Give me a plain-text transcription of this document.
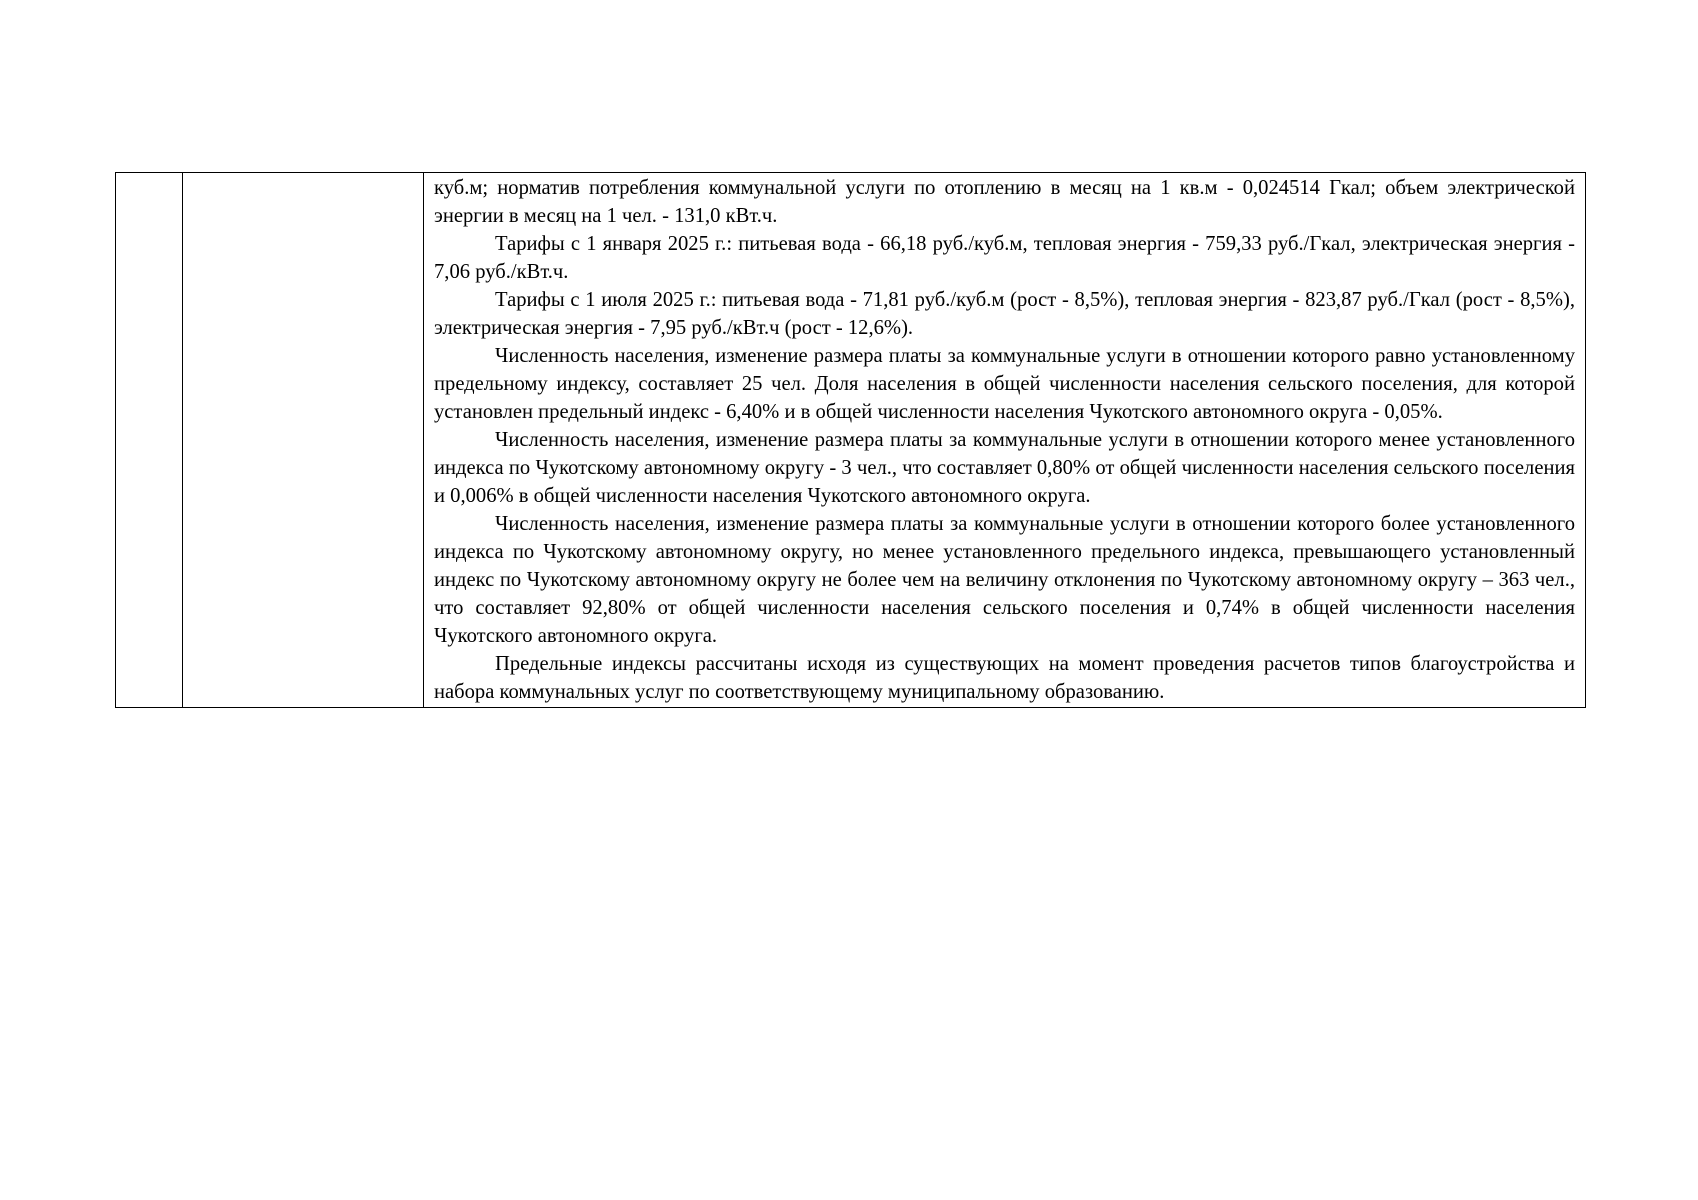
куб.м; норматив потребления коммунальной услуги по отоплению в месяц на 1 кв.м - 0,024514 Гкал; объем электрической энергии в месяц на 1 чел. - 131,0 кВт.ч.

Тарифы с 1 января 2025 г.: питьевая вода - 66,18 руб./куб.м, тепловая энергия - 759,33 руб./Гкал, электрическая энергия - 7,06 руб./кВт.ч.

Тарифы с 1 июля 2025 г.: питьевая вода - 71,81 руб./куб.м (рост - 8,5%), тепловая энергия - 823,87 руб./Гкал (рост - 8,5%), электрическая энергия - 7,95 руб./кВт.ч (рост - 12,6%).

Численность населения, изменение размера платы за коммунальные услуги в отношении которого равно установленному предельному индексу, составляет 25 чел. Доля населения в общей численности населения сельского поселения, для которой установлен предельный индекс - 6,40% и в общей численности населения Чукотского автономного округа - 0,05%.

Численность населения, изменение размера платы за коммунальные услуги в отношении которого менее установленного индекса по Чукотскому автономному округу - 3 чел., что составляет 0,80% от общей численности населения сельского поселения и 0,006% в общей численности населения Чукотского автономного округа.

Численность населения, изменение размера платы за коммунальные услуги в отношении которого более установленного индекса по Чукотскому автономному округу, но менее установленного предельного индекса, превышающего установленный индекс по Чукотскому автономному округу не более чем на величину отклонения по Чукотскому автономному округу – 363 чел., что составляет 92,80% от общей численности населения сельского поселения и 0,74% в общей численности населения Чукотского автономного округа.

Предельные индексы рассчитаны исходя из существующих на момент проведения расчетов типов благоустройства и набора коммунальных услуг по соответствующему муниципальному образованию.
